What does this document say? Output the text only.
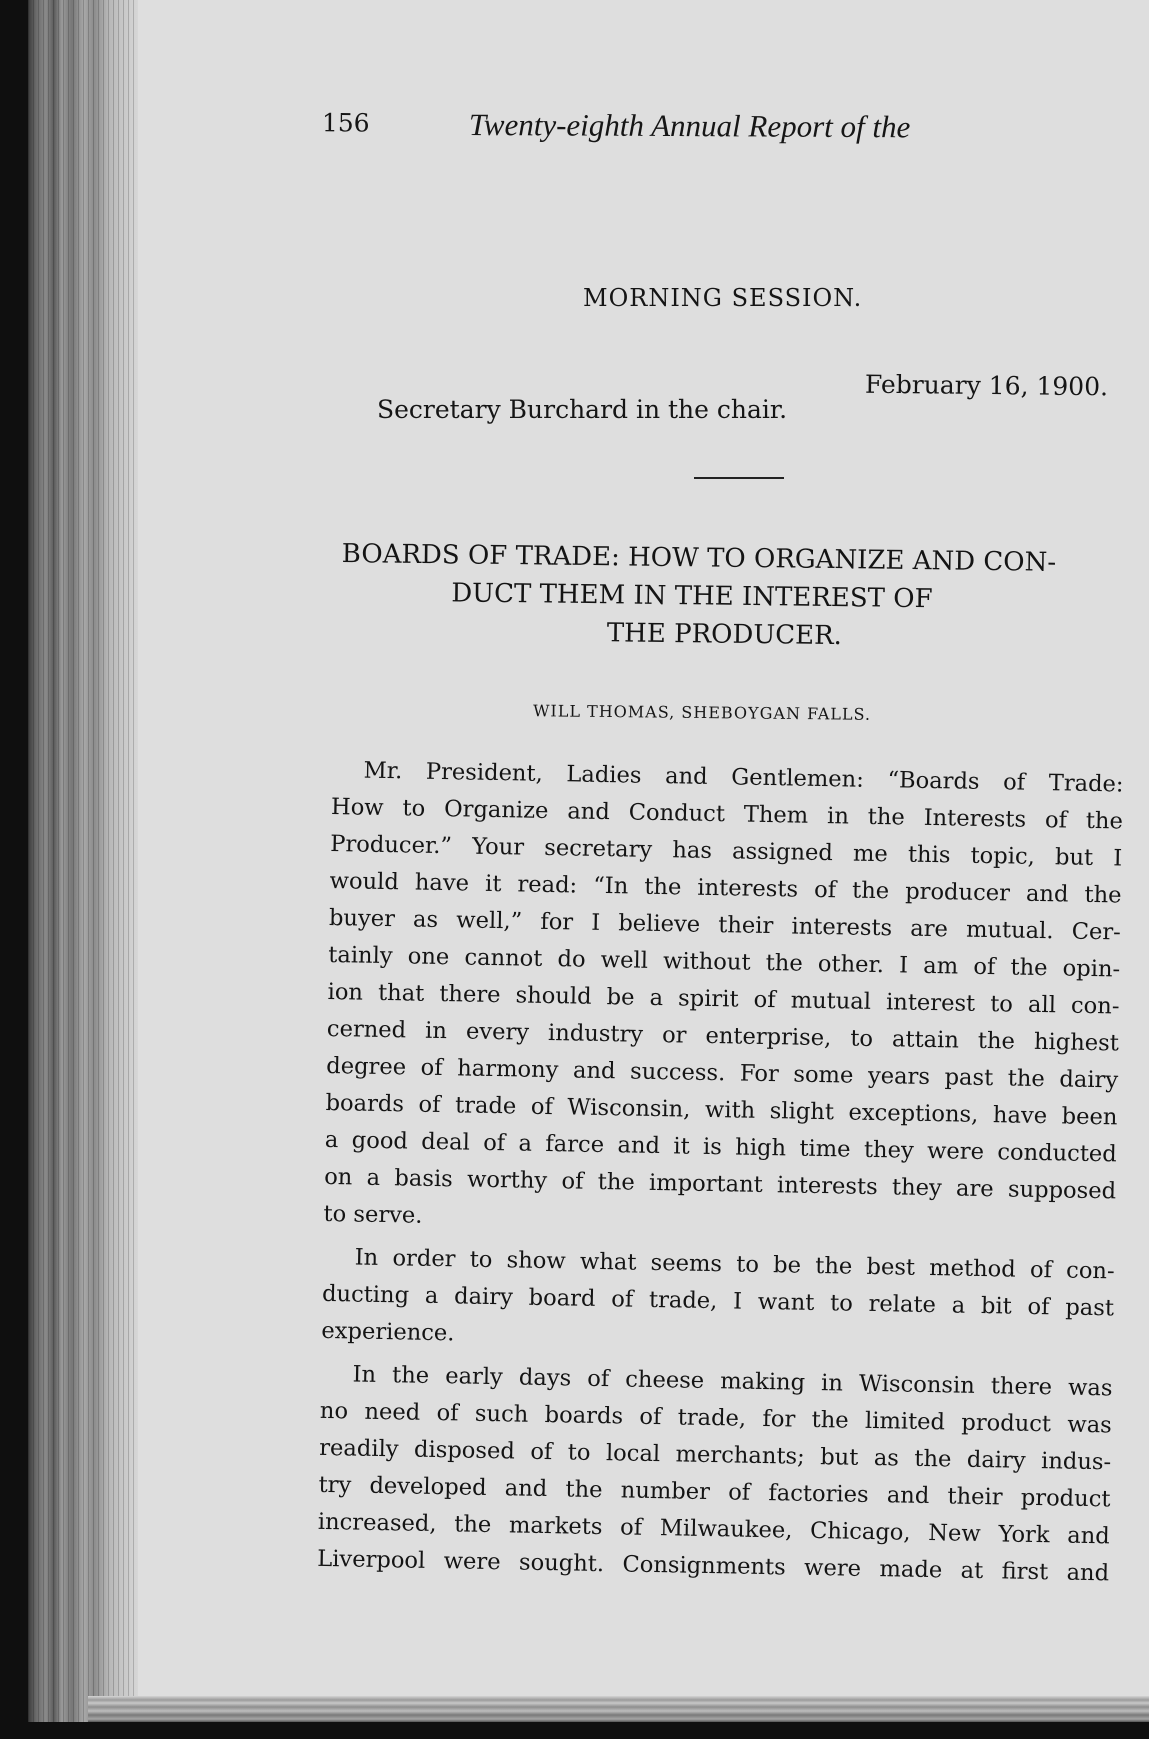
156	Twenty-eighth Annual Report of the
MORNING SESSION.
February 16, 1900.
Secretary Burchard in the chair.
BOARDS OF TRADE: HOW TO ORGANIZE AND CON-
DUCT THEM IN THE INTEREST OF
THE PRODUCER.
WILL THOMAS, SHEBOYGAN FALLS.
Mr. President, Ladies and Gentlemen: “Boards of Trade:
How to Organize and Conduct Them in the Interests of the
Producer.” Your secretary has assigned me this topic, but I
would have it read: “In the interests of the producer and the
buyer as well,” for I believe their interests are mutual. Cer-
tainly one cannot do well without the other. I am of the opin-
ion that there should be a spirit of mutual interest to all con-
cerned in every industry or enterprise, to attain the highest
degree of harmony and success. For some years past the dairy
boards of trade of Wisconsin, with slight exceptions, have been
a good deal of a farce and it is high time they were conducted
on a basis worthy of the important interests they are supposed
to serve.
In order to show what seems to be the best method of con-
ducting a dairy board of trade, I want to relate a bit of past
experience.
In the early days of cheese making in Wisconsin there was
no need of such boards of trade, for the limited product was
readily disposed of to local merchants; but as the dairy indus-
try developed and the number of factories and their product
increased, the markets of Milwaukee, Chicago, New York and
Liverpool were sought. Consignments were made at first and
